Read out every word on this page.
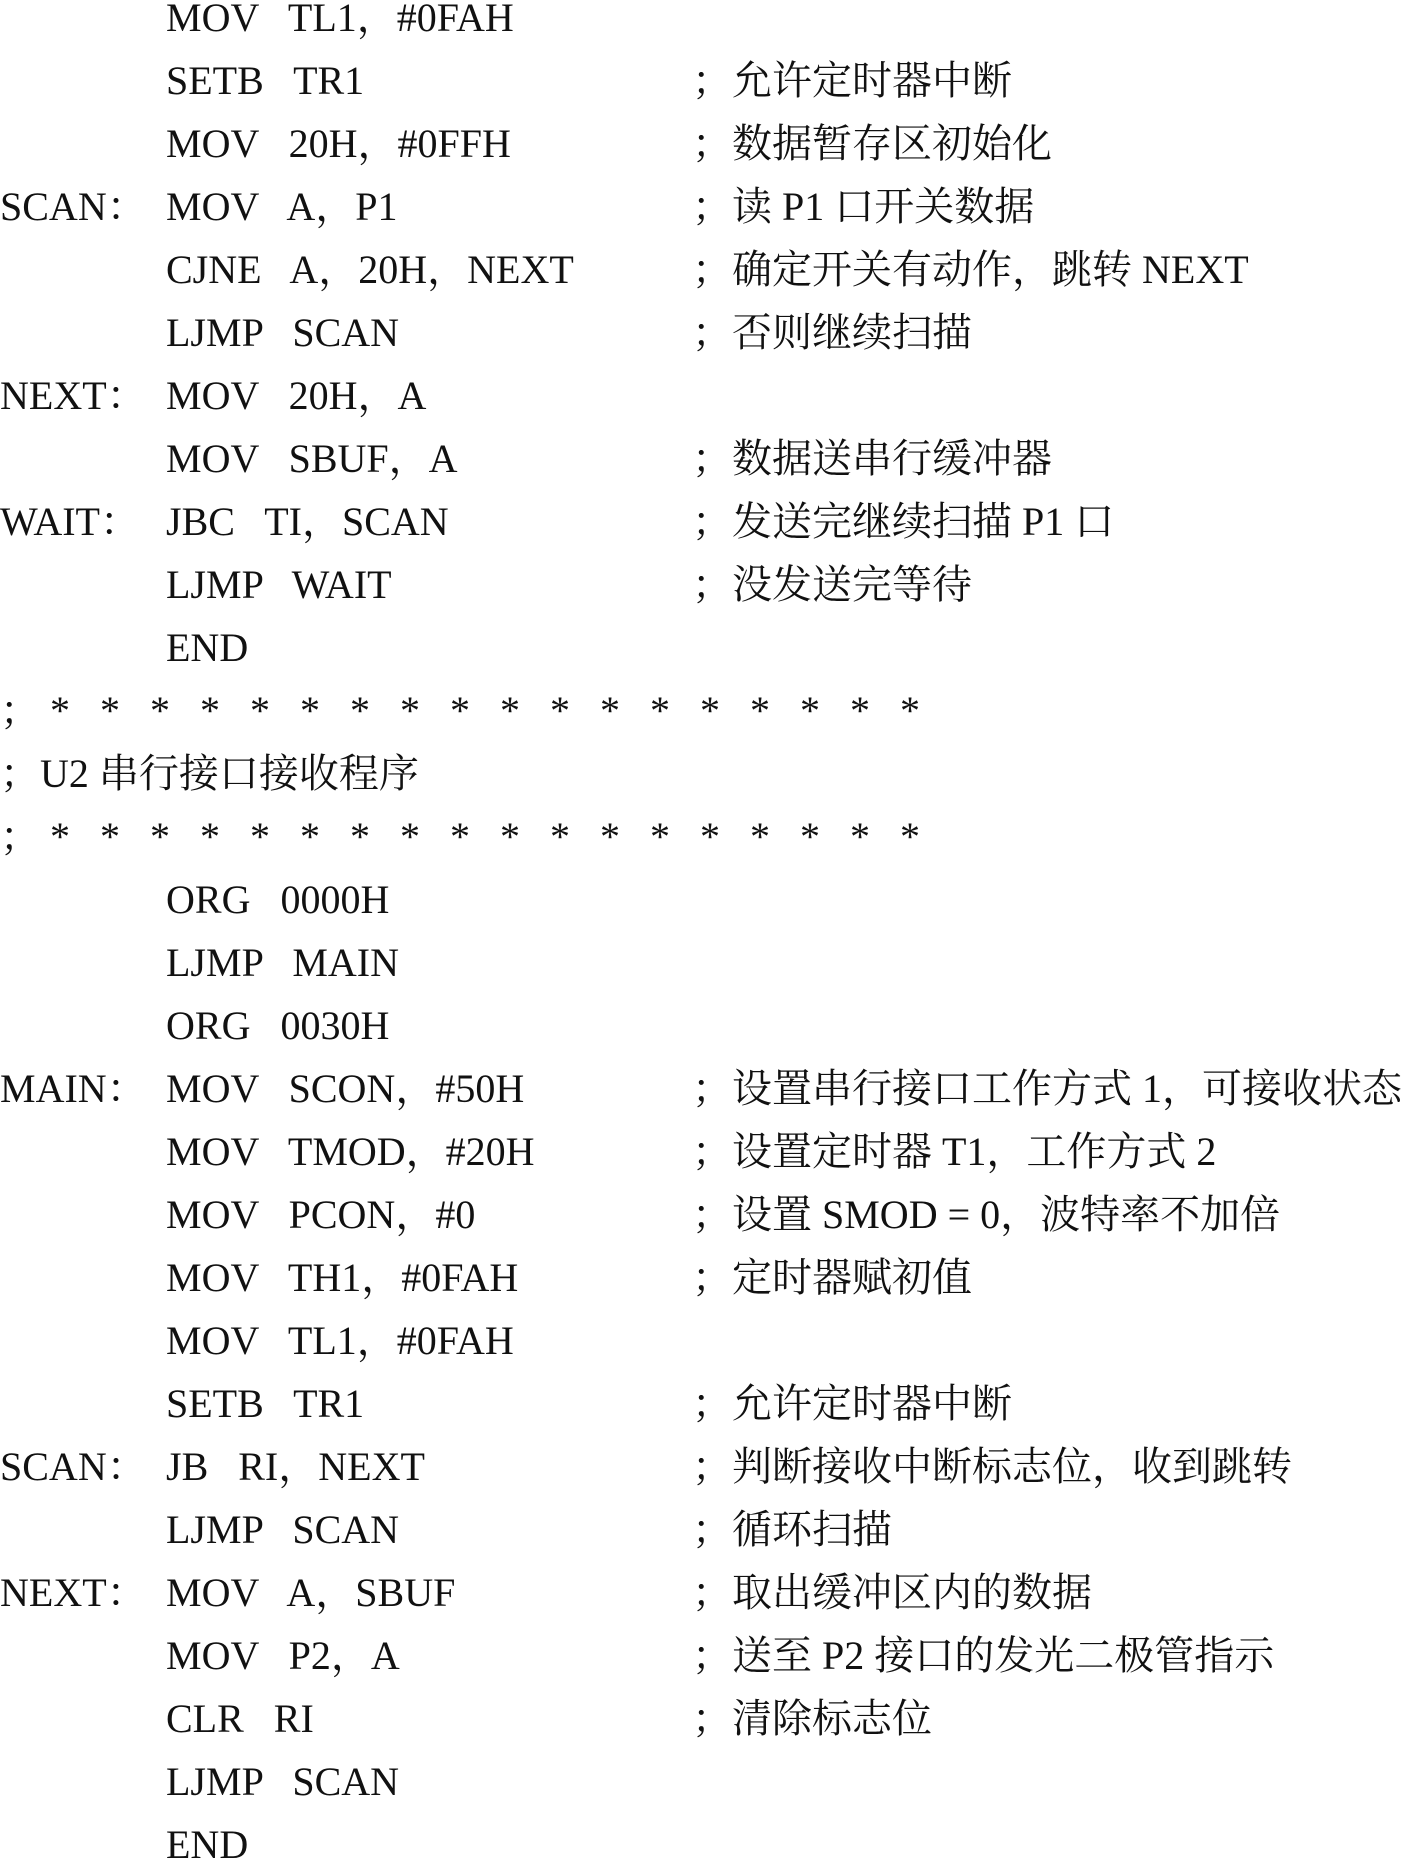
MOV   TL1，#0FAH
SETB   TR1	；允许定时器中断
MOV   20H，#0FFH	；数据暂存区初始化
SCAN： MOV   A，P1	；读 P1 口开关数据
CJNE   A，20H，NEXT	；确定开关有动作，跳转 NEXT
LJMP   SCAN	；否则继续扫描
NEXT： MOV   20H，A
MOV   SBUF，A	；数据送串行缓冲器
WAIT： JBC   TI，SCAN	；发送完继续扫描 P1 口
LJMP   WAIT	；没发送完等待
END
；* * * * * * * * * * * * * * * * * *
；U2 串行接口接收程序
；* * * * * * * * * * * * * * * * * *
ORG   0000H
LJMP   MAIN
ORG   0030H
MAIN： MOV   SCON，#50H	；设置串行接口工作方式 1，可接收状态
MOV   TMOD，#20H	；设置定时器 T1，工作方式 2
MOV   PCON，#0	；设置 SMOD = 0，波特率不加倍
MOV   TH1，#0FAH	；定时器赋初值
MOV   TL1，#0FAH
SETB   TR1	；允许定时器中断
SCAN： JB   RI，NEXT	；判断接收中断标志位，收到跳转
LJMP   SCAN	；循环扫描
NEXT： MOV   A，SBUF	；取出缓冲区内的数据
MOV   P2，A	；送至 P2 接口的发光二极管指示
CLR   RI	；清除标志位
LJMP   SCAN
END
